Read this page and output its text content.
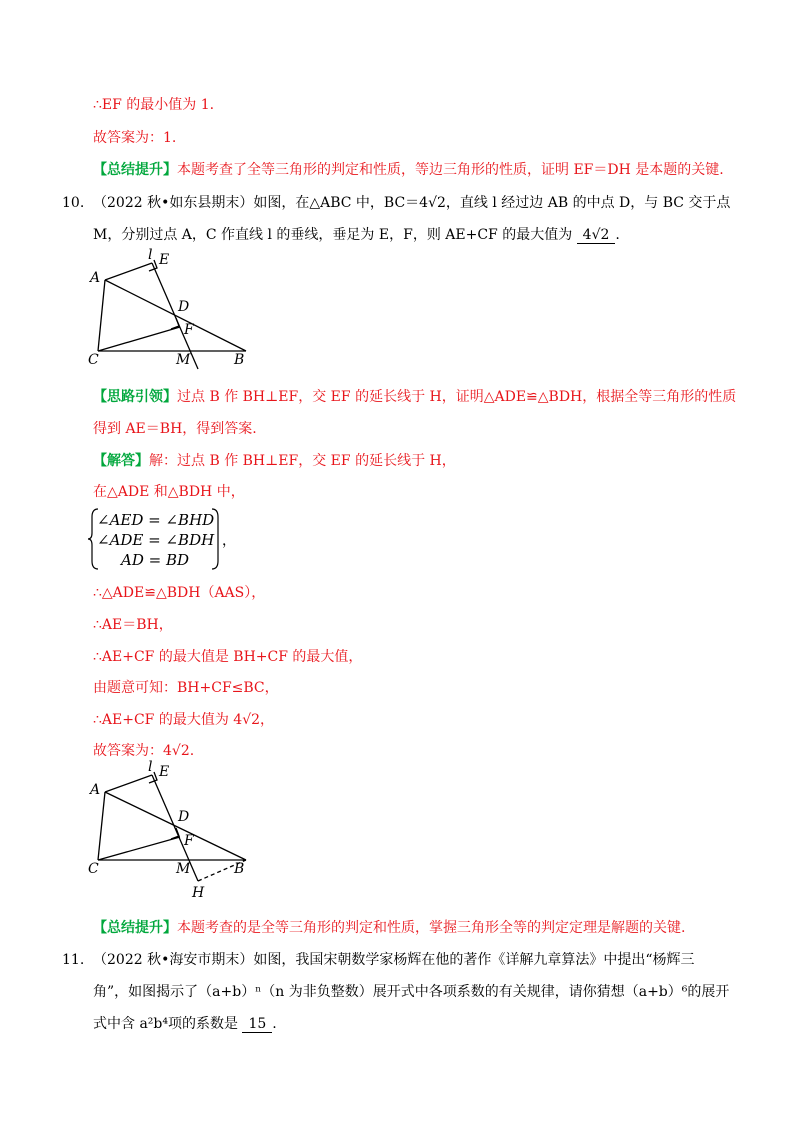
∴EF 的最小值为 1.
故答案为：1.
【总结提升】本题考查了全等三角形的判定和性质，等边三角形的性质，证明 EF＝DH 是本题的关键.
10. （2022 秋•如东县期末）如图，在△ABC 中，BC＝4√2，直线 l 经过边 AB 的中点 D，与 BC 交于点
M，分别过点 A，C 作直线 l 的垂线，垂足为 E，F，则 AE+CF 的最大值为 4√2 .
l E
A
D
F
C	M	B
【思路引领】过点 B 作 BH⊥EF，交 EF 的延长线于 H，证明△ADE≌△BDH，根据全等三角形的性质
得到 AE＝BH，得到答案.
【解答】解：过点 B 作 BH⊥EF，交 EF 的延长线于 H，
在△ADE 和△BDH 中，
∠AED = ∠BHD
∠ADE = ∠BDH
AD = BD
，
∴△ADE≌△BDH（AAS），
∴AE＝BH，
∴AE+CF 的最大值是 BH+CF 的最大值，
由题意可知：BH+CF≤BC，
∴AE+CF 的最大值为 4√2，
故答案为：4√2.
l E
A
D
F
C	M	B
H
【总结提升】本题考查的是全等三角形的判定和性质，掌握三角形全等的判定定理是解题的关键.
11. （2022 秋•海安市期末）如图，我国宋朝数学家杨辉在他的著作《详解九章算法》中提出“杨辉三
角”，如图揭示了（a+b）ⁿ（n 为非负整数）展开式中各项系数的有关规律，请你猜想（a+b）⁶的展开
式中含 a²b⁴项的系数是 15 .
